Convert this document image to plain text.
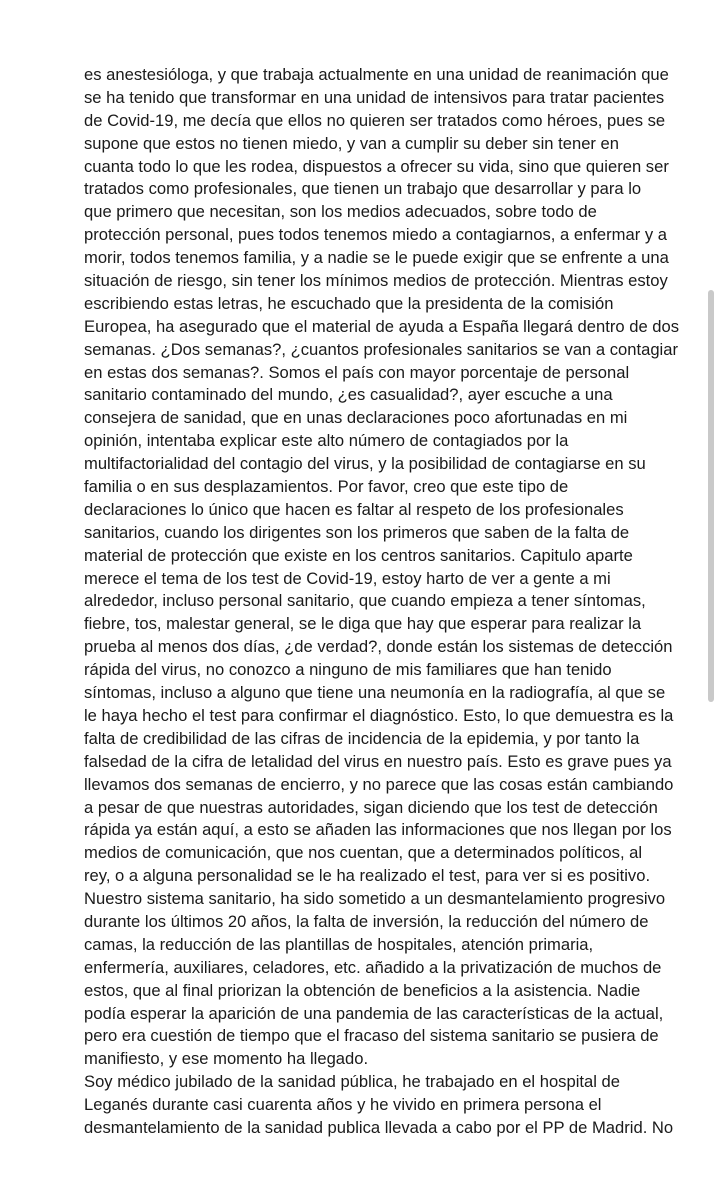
es anestesióloga, y que trabaja actualmente en una unidad de reanimación que
se ha tenido que transformar en una unidad de intensivos para tratar pacientes
de Covid-19, me decía que ellos no quieren ser tratados como héroes, pues se
supone que estos no tienen miedo, y van a cumplir su deber sin tener en
cuanta todo lo que les rodea, dispuestos a ofrecer su vida, sino que quieren ser
tratados como profesionales, que tienen un trabajo que desarrollar y para lo
que primero que necesitan, son los medios adecuados, sobre todo de
protección personal, pues todos tenemos miedo a contagiarnos, a enfermar y a
morir, todos tenemos familia, y a nadie se le puede exigir que se enfrente a una
situación de riesgo, sin tener los mínimos medios de protección. Mientras estoy
escribiendo estas letras, he escuchado que la presidenta de la comisión
Europea, ha asegurado que el material de ayuda a España llegará dentro de dos
semanas. ¿Dos semanas?, ¿cuantos profesionales sanitarios se van a contagiar
en estas dos semanas?. Somos el país con mayor porcentaje de personal
sanitario contaminado del mundo, ¿es casualidad?, ayer escuche a una
consejera de sanidad, que en unas declaraciones poco afortunadas en mi
opinión, intentaba explicar este alto número de contagiados por la
multifactorialidad del contagio del virus, y la posibilidad de contagiarse en su
familia o en sus desplazamientos. Por favor, creo que este tipo de
declaraciones lo único que hacen es faltar al respeto de los profesionales
sanitarios, cuando los dirigentes son los primeros que saben de la falta de
material de protección que existe en los centros sanitarios. Capitulo aparte
merece el tema de los test de Covid-19, estoy harto de ver a gente a mi
alrededor, incluso personal sanitario, que cuando empieza a tener síntomas,
fiebre, tos, malestar general, se le diga que hay que esperar para realizar la
prueba al menos dos días, ¿de verdad?, donde están los sistemas de detección
rápida del virus, no conozco a ninguno de mis familiares que han tenido
síntomas, incluso a alguno que tiene una neumonía en la radiografía, al que se
le haya hecho el test para confirmar el diagnóstico. Esto, lo que demuestra es la
falta de credibilidad de las cifras de incidencia de la epidemia, y por tanto la
falsedad de la cifra de letalidad del virus en nuestro país. Esto es grave pues ya
llevamos dos semanas de encierro, y no parece que las cosas están cambiando
a pesar de que nuestras autoridades, sigan diciendo que los test de detección
rápida ya están aquí, a esto se añaden las informaciones que nos llegan por los
medios de comunicación, que nos cuentan, que a determinados políticos, al
rey, o a alguna personalidad se le ha realizado el test, para ver si es positivo.
Nuestro sistema sanitario, ha sido sometido a un desmantelamiento progresivo
durante los últimos 20 años, la falta de inversión, la reducción del número de
camas, la reducción de las plantillas de hospitales, atención primaria,
enfermería, auxiliares, celadores, etc. añadido a la privatización de muchos de
estos, que al final priorizan la obtención de beneficios a la asistencia. Nadie
podía esperar la aparición de una pandemia de las características de la actual,
pero era cuestión de tiempo que el fracaso del sistema sanitario se pusiera de
manifiesto, y ese momento ha llegado.
Soy médico jubilado de la sanidad pública, he trabajado en el hospital de
Leganés durante casi cuarenta años y he vivido en primera persona el
desmantelamiento de la sanidad publica llevada a cabo por el PP de Madrid. No
